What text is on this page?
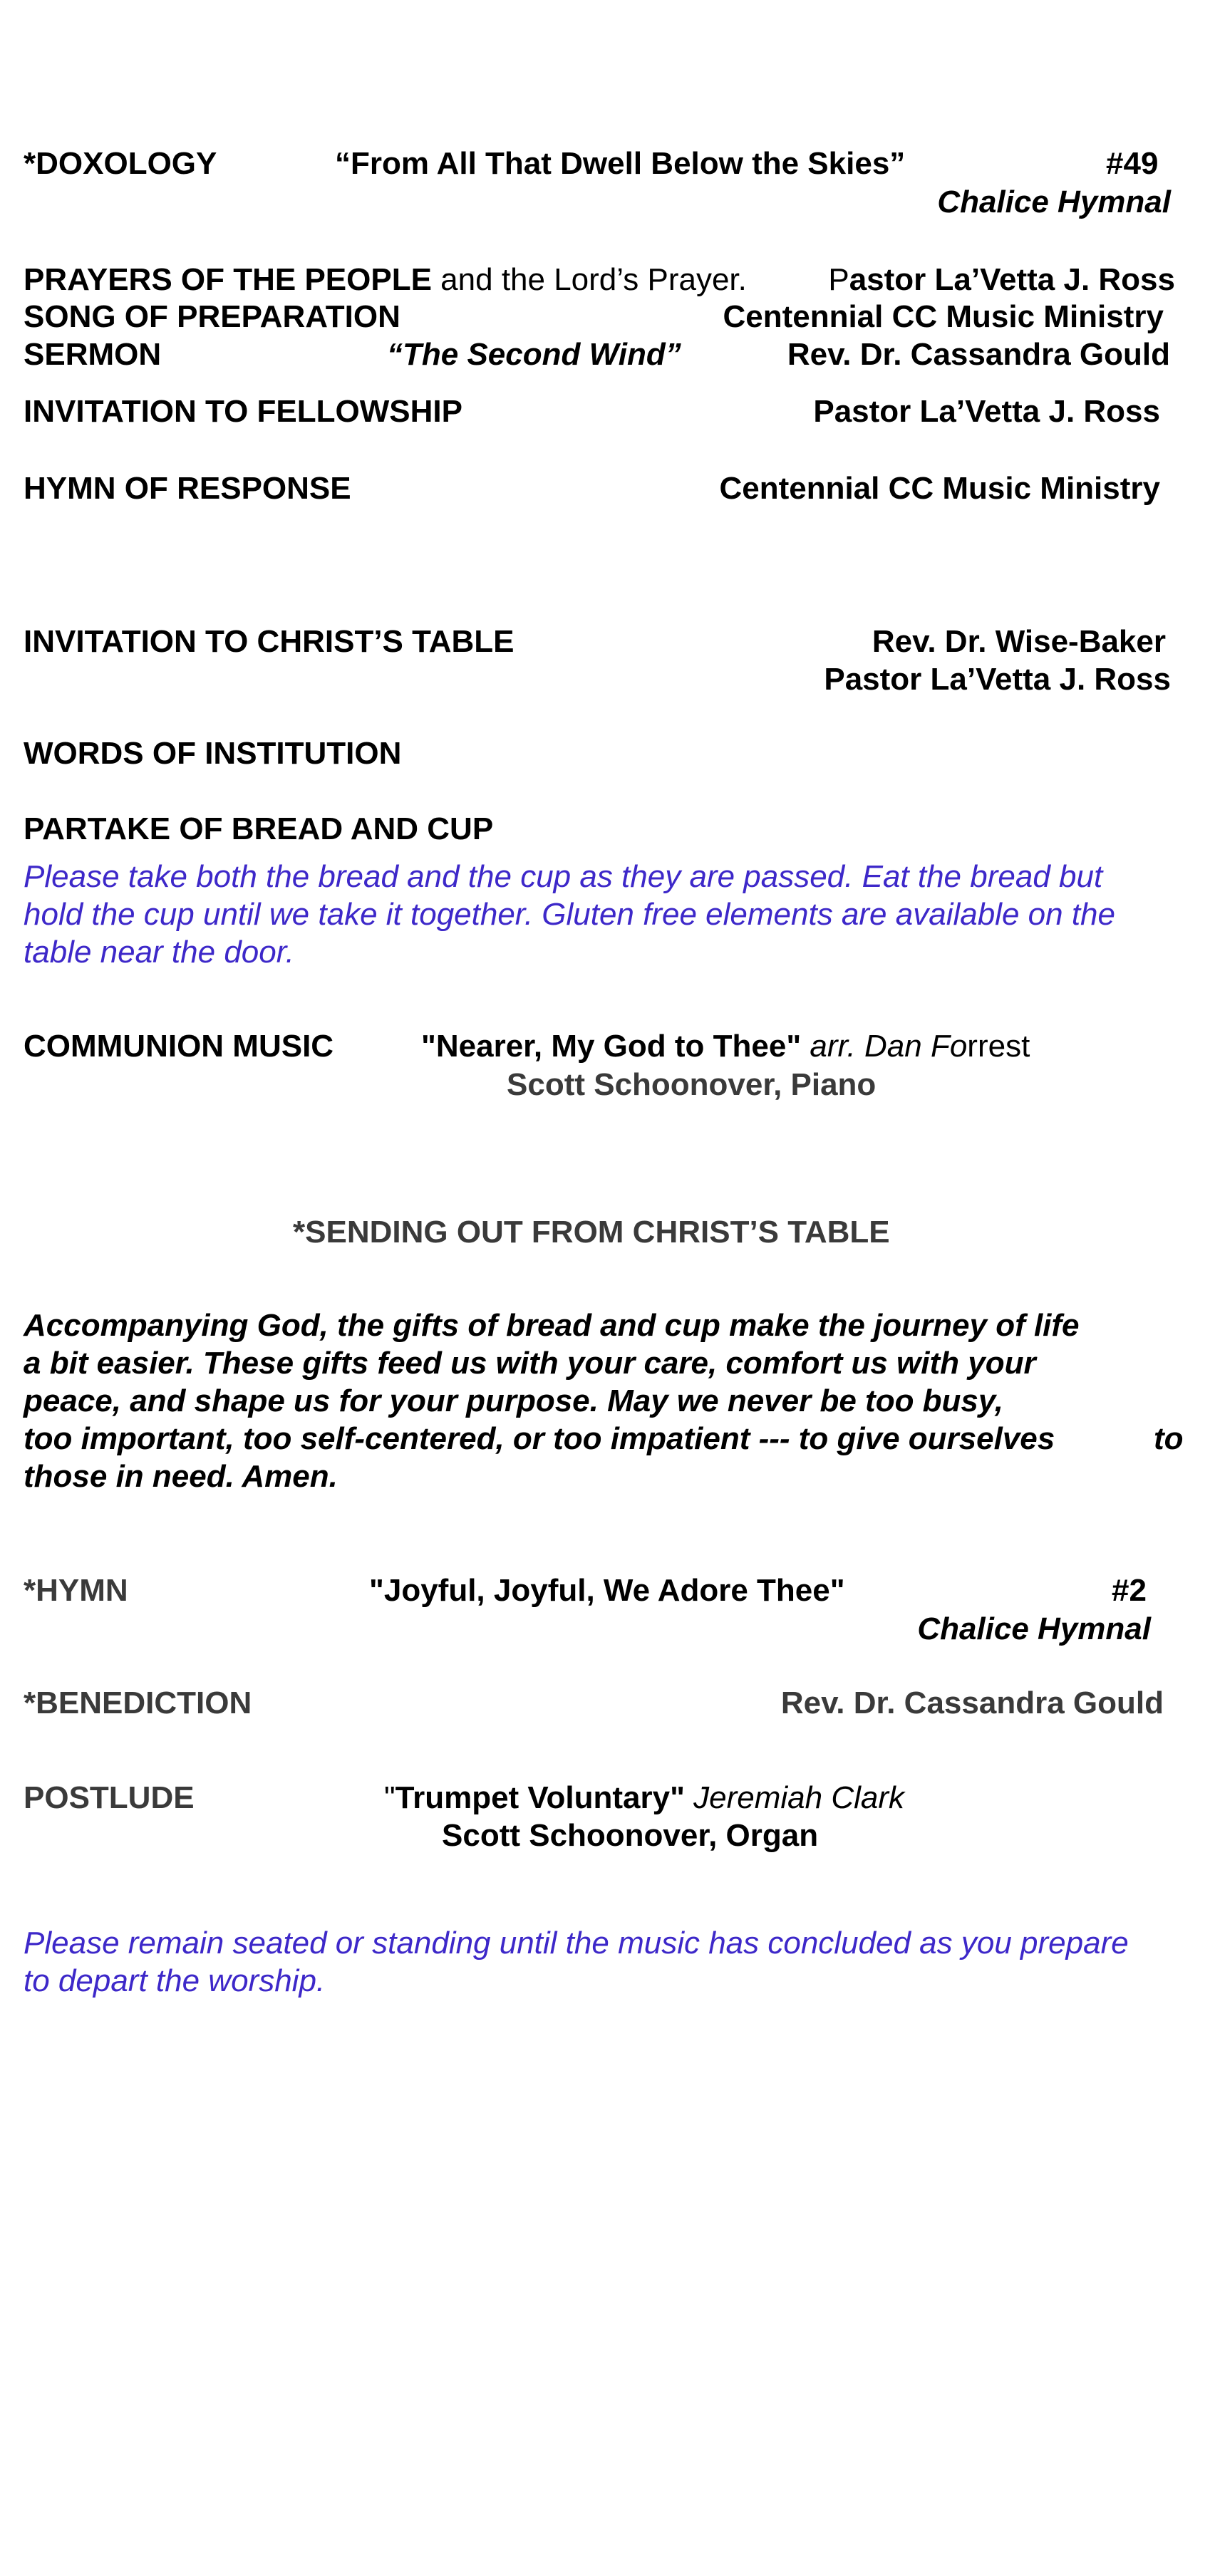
*DOXOLOGY	“From All That Dwell Below the Skies”	#49
Chalice Hymnal
PRAYERS OF THE PEOPLE and the Lord’s Prayer.	Pastor La’Vetta J. Ross
SONG OF PREPARATION	Centennial CC Music Ministry
SERMON	“The Second Wind”	Rev. Dr. Cassandra Gould
INVITATION TO FELLOWSHIP	Pastor La’Vetta J. Ross
HYMN OF RESPONSE	Centennial CC Music Ministry
INVITATION TO CHRIST’S TABLE	Rev. Dr. Wise-Baker
Pastor La’Vetta J. Ross
WORDS OF INSTITUTION
PARTAKE OF BREAD AND CUP
Please take both the bread and the cup as they are passed. Eat the bread but
hold the cup until we take it together. Gluten free elements are available on the
table near the door.
COMMUNION MUSIC	"Nearer, My God to Thee" arr. Dan Forrest
Scott Schoonover, Piano
*SENDING OUT FROM CHRIST’S TABLE
Accompanying God, the gifts of bread and cup make the journey of life
a bit easier. These gifts feed us with your care, comfort us with your
peace, and shape us for your purpose. May we never be too busy,
too important, too self-centered, or too impatient --- to give ourselves	to
those in need. Amen.
*HYMN	"Joyful, Joyful, We Adore Thee"	#2
Chalice Hymnal
*BENEDICTION	Rev. Dr. Cassandra Gould
POSTLUDE	"Trumpet Voluntary" Jeremiah Clark
Scott Schoonover, Organ
Please remain seated or standing until the music has concluded as you prepare
to depart the worship.
